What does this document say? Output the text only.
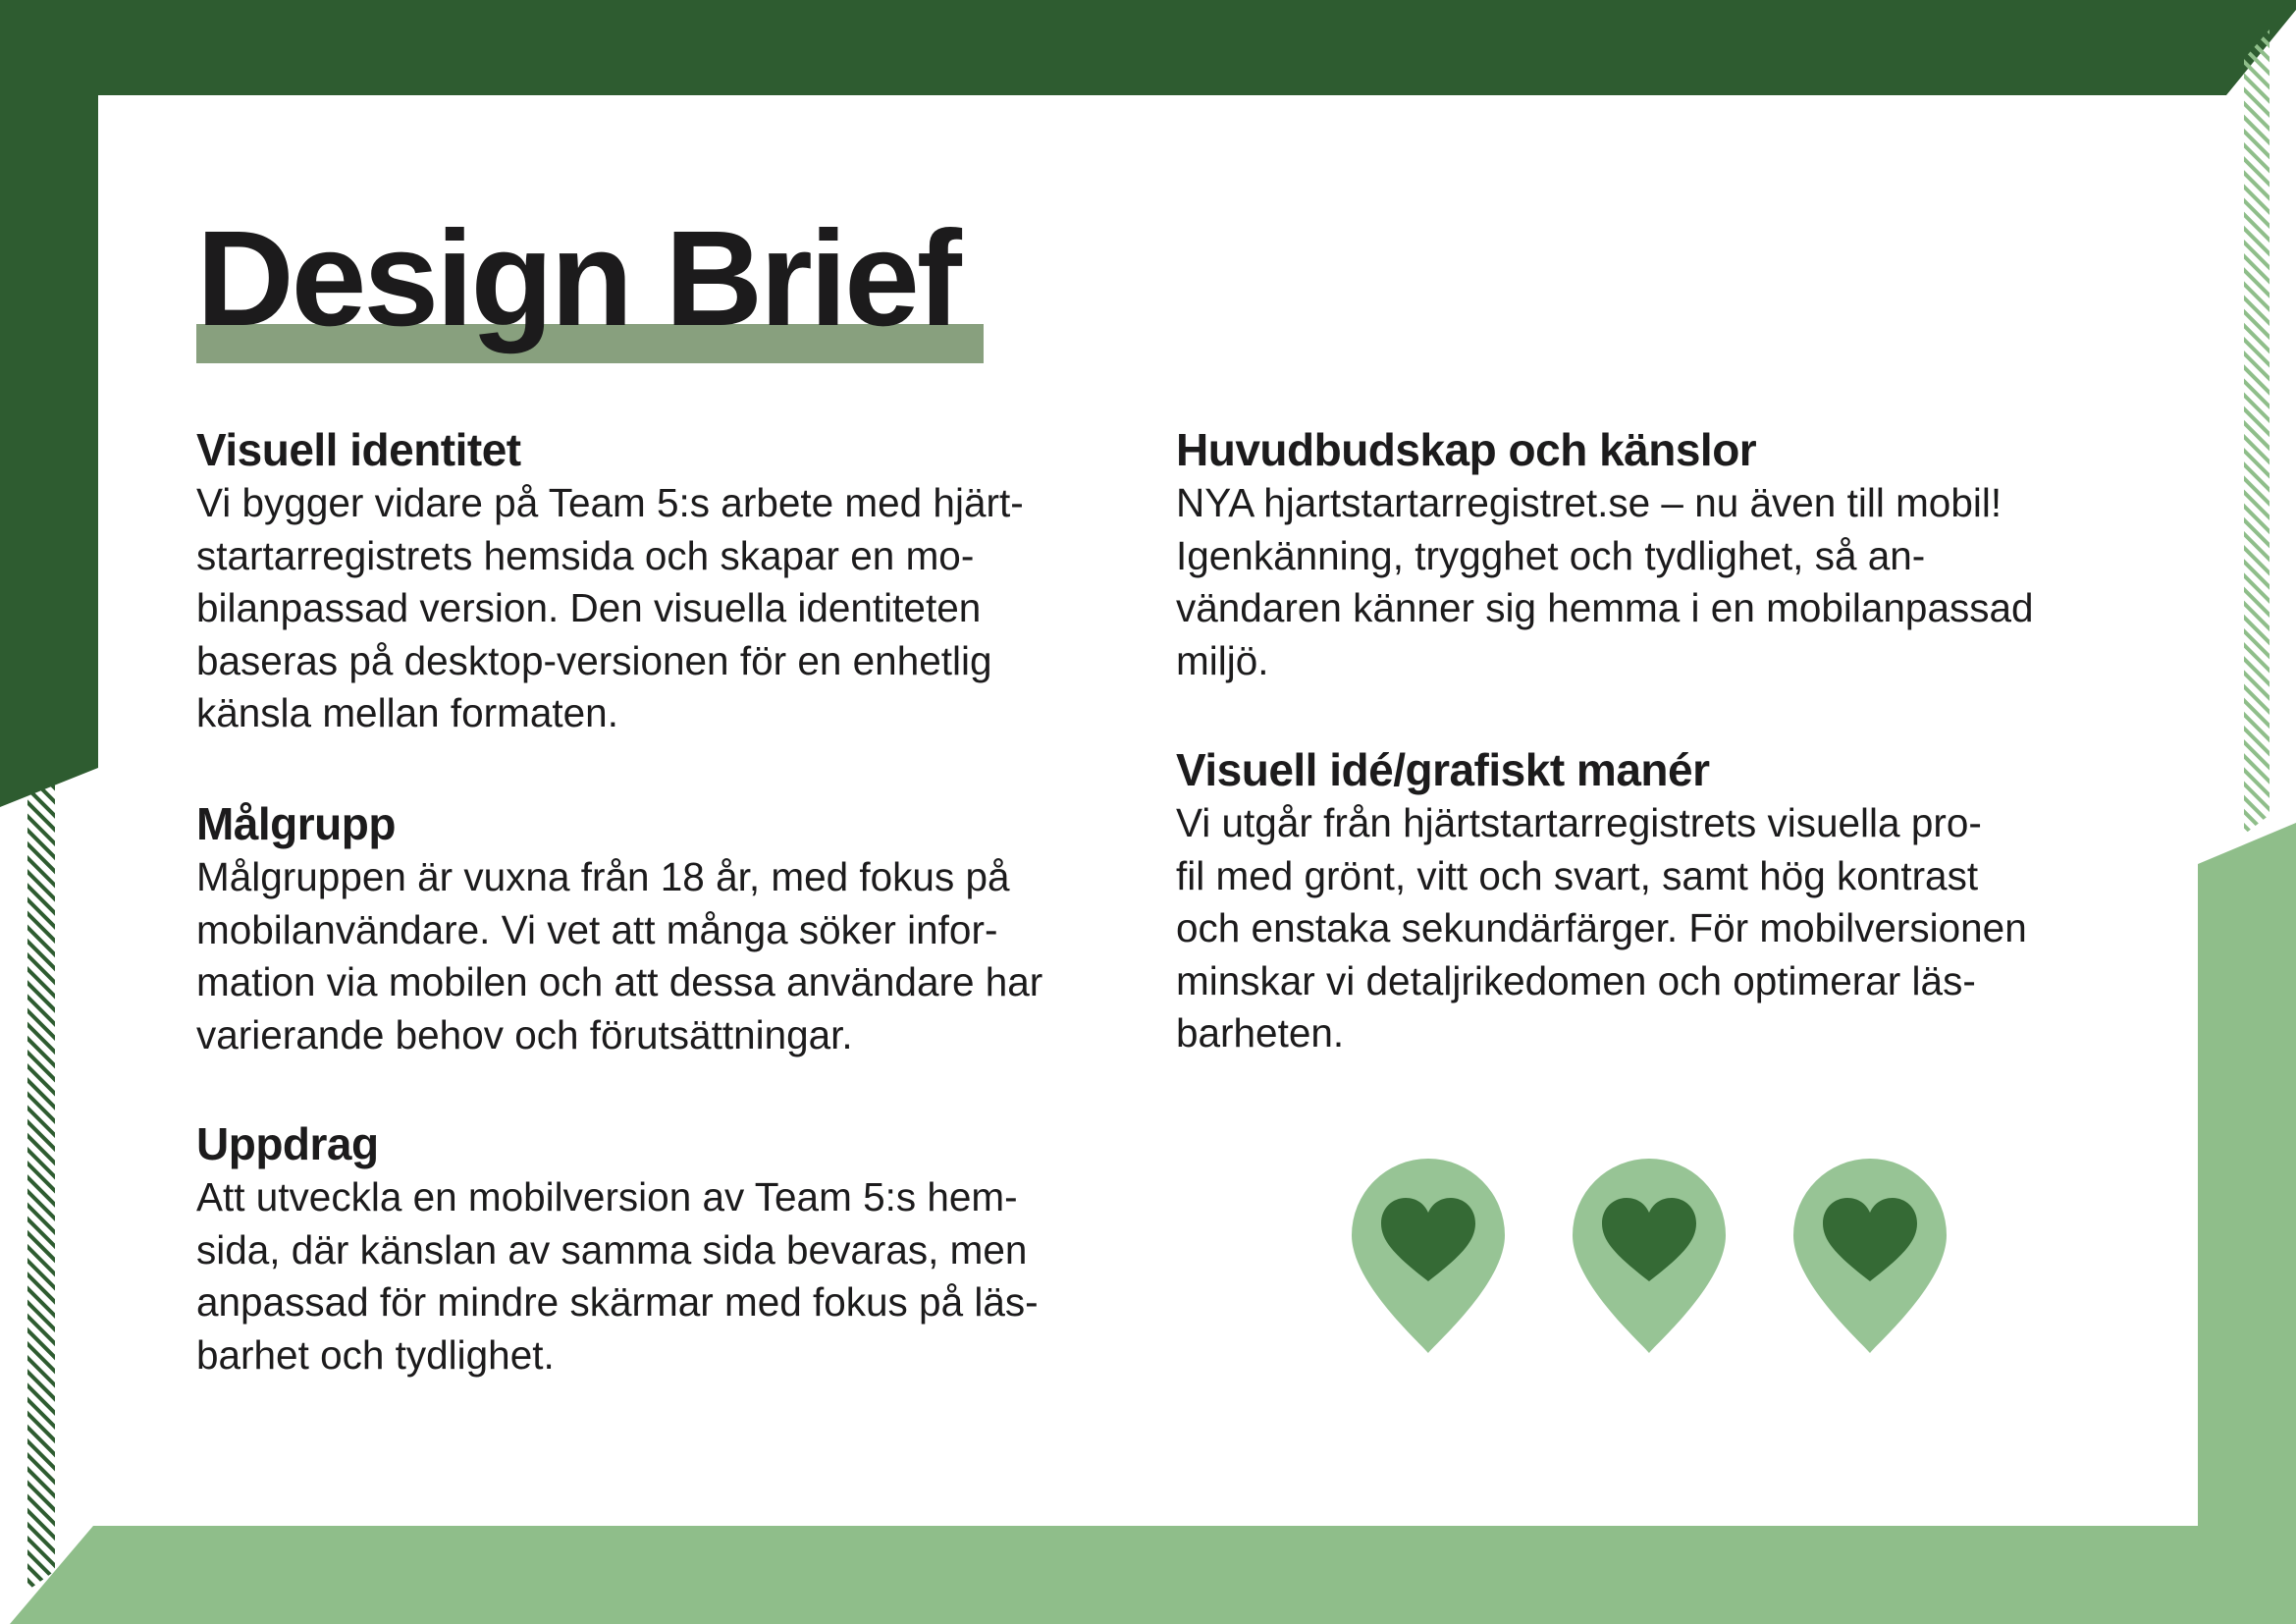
Design Brief
Visuell identitet

Vi bygger vidare på Team 5:s arbete med hjärt-
startarregistrets hemsida och skapar en mo-
bilanpassad version. Den visuella identiteten
baseras på desktop-versionen för en enhetlig
känsla mellan formaten.

Målgrupp

Målgruppen är vuxna från 18 år, med fokus på
mobilanvändare. Vi vet att många söker infor-
mation via mobilen och att dessa användare har
varierande behov och förutsättningar.

Uppdrag

Att utveckla en mobilversion av Team 5:s hem-
sida, där känslan av samma sida bevaras, men
anpassad för mindre skärmar med fokus på läs-
barhet och tydlighet.

Huvudbudskap och känslor

NYA hjartstartarregistret.se – nu även till mobil!
Igenkänning, trygghet och tydlighet, så an-
vändaren känner sig hemma i en mobilanpassad
miljö.

Visuell idé/grafiskt manér

Vi utgår från hjärtstartarregistrets visuella pro-
fil med grönt, vitt och svart, samt hög kontrast
och enstaka sekundärfärger. För mobilversionen
minskar vi detaljrikedomen och optimerar läs-
barheten.
